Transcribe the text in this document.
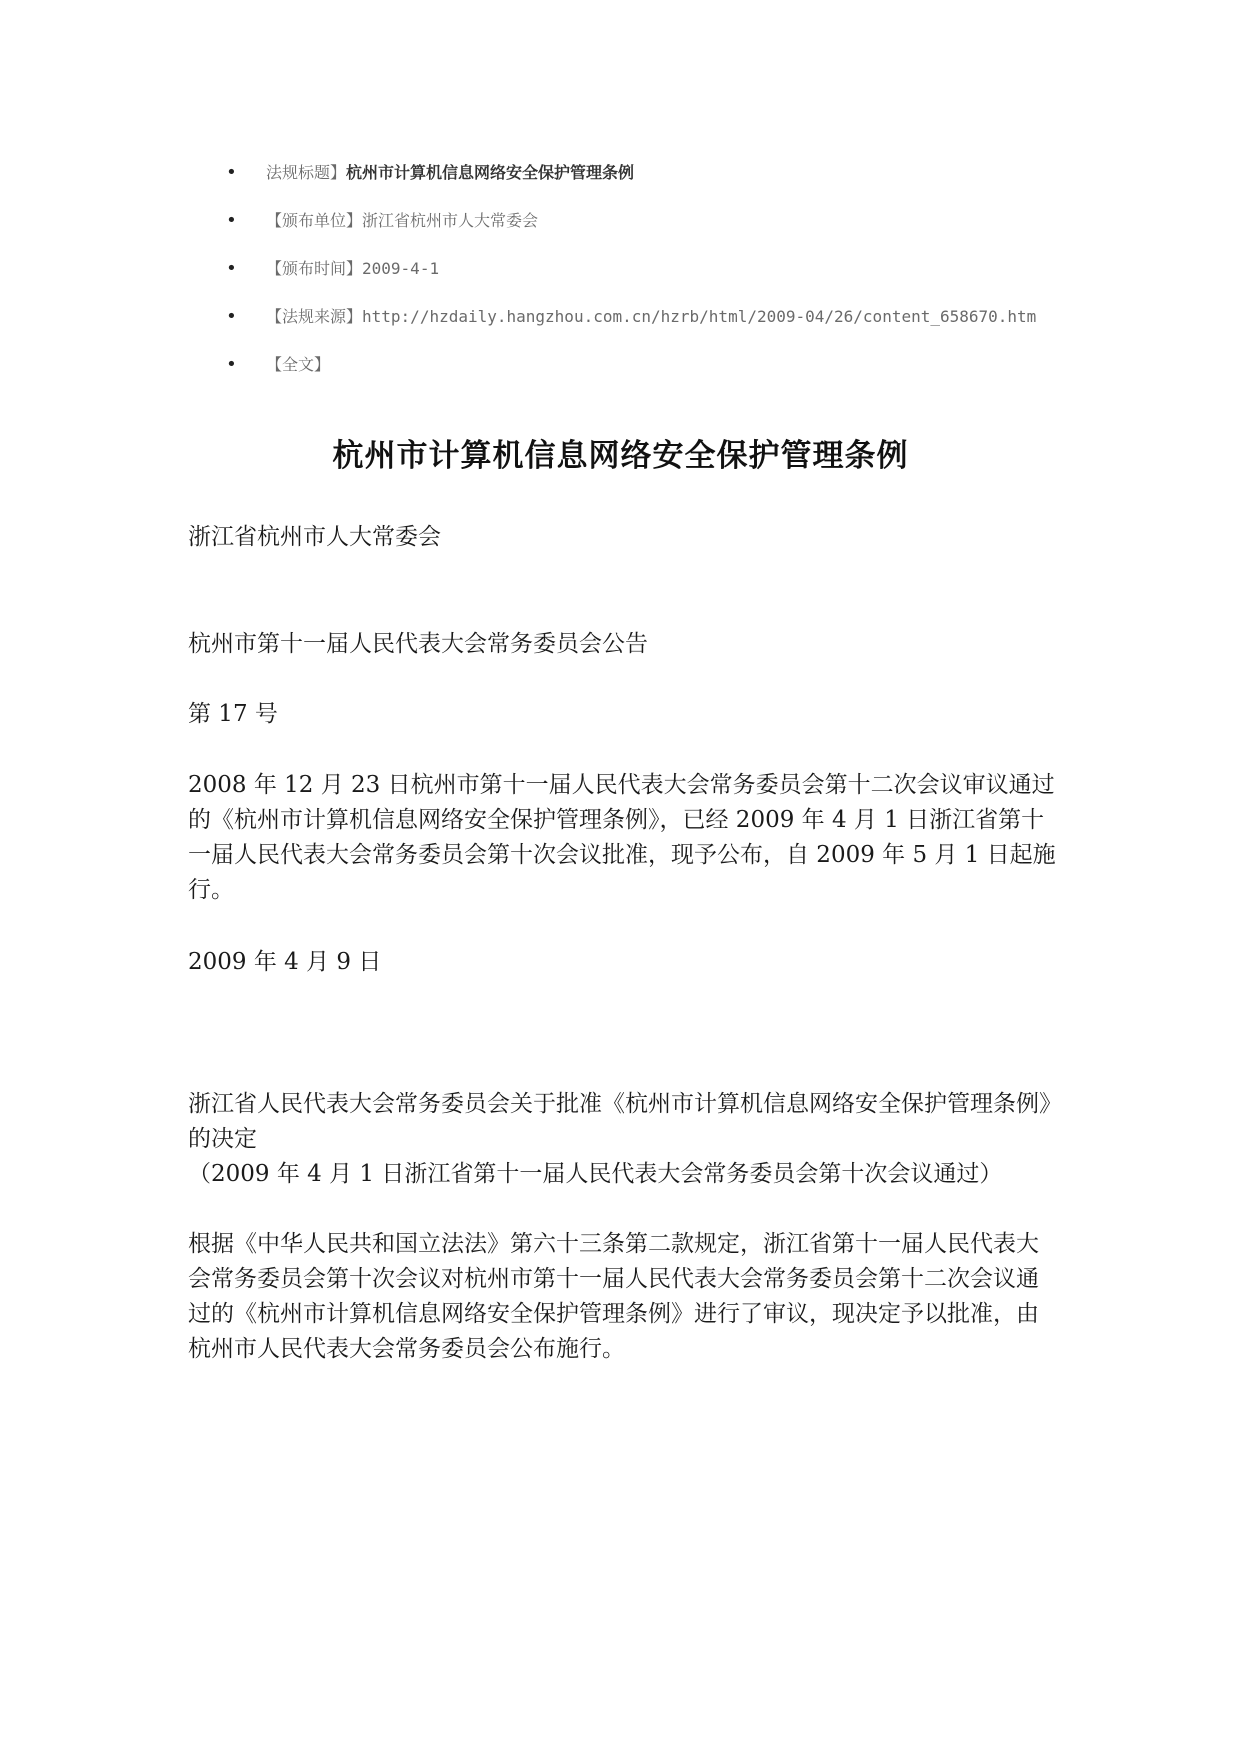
• 法规标题】杭州市计算机信息网络安全保护管理条例
• 【颁布单位】浙江省杭州市人大常委会
• 【颁布时间】2009-4-1
• 【法规来源】http://hzdaily.hangzhou.com.cn/hzrb/html/2009-04/26/content_658670.htm
• 【全文】
杭州市计算机信息网络安全保护管理条例

浙江省杭州市人大常委会

杭州市第十一届人民代表大会常务委员会公告

第 17 号

2008 年 12 月 23 日杭州市第十一届人民代表大会常务委员会第十二次会议审议通过的《杭州市计算机信息网络安全保护管理条例》，已经 2009 年 4 月 1 日浙江省第十一届人民代表大会常务委员会第十次会议批准，现予公布，自 2009 年 5 月 1 日起施行。

2009 年 4 月 9 日

浙江省人民代表大会常务委员会关于批准《杭州市计算机信息网络安全保护管理条例》的决定

（2009 年 4 月 1 日浙江省第十一届人民代表大会常务委员会第十次会议通过）

根据《中华人民共和国立法法》第六十三条第二款规定，浙江省第十一届人民代表大会常务委员会第十次会议对杭州市第十一届人民代表大会常务委员会第十二次会议通过的《杭州市计算机信息网络安全保护管理条例》进行了审议，现决定予以批准，由杭州市人民代表大会常务委员会公布施行。
